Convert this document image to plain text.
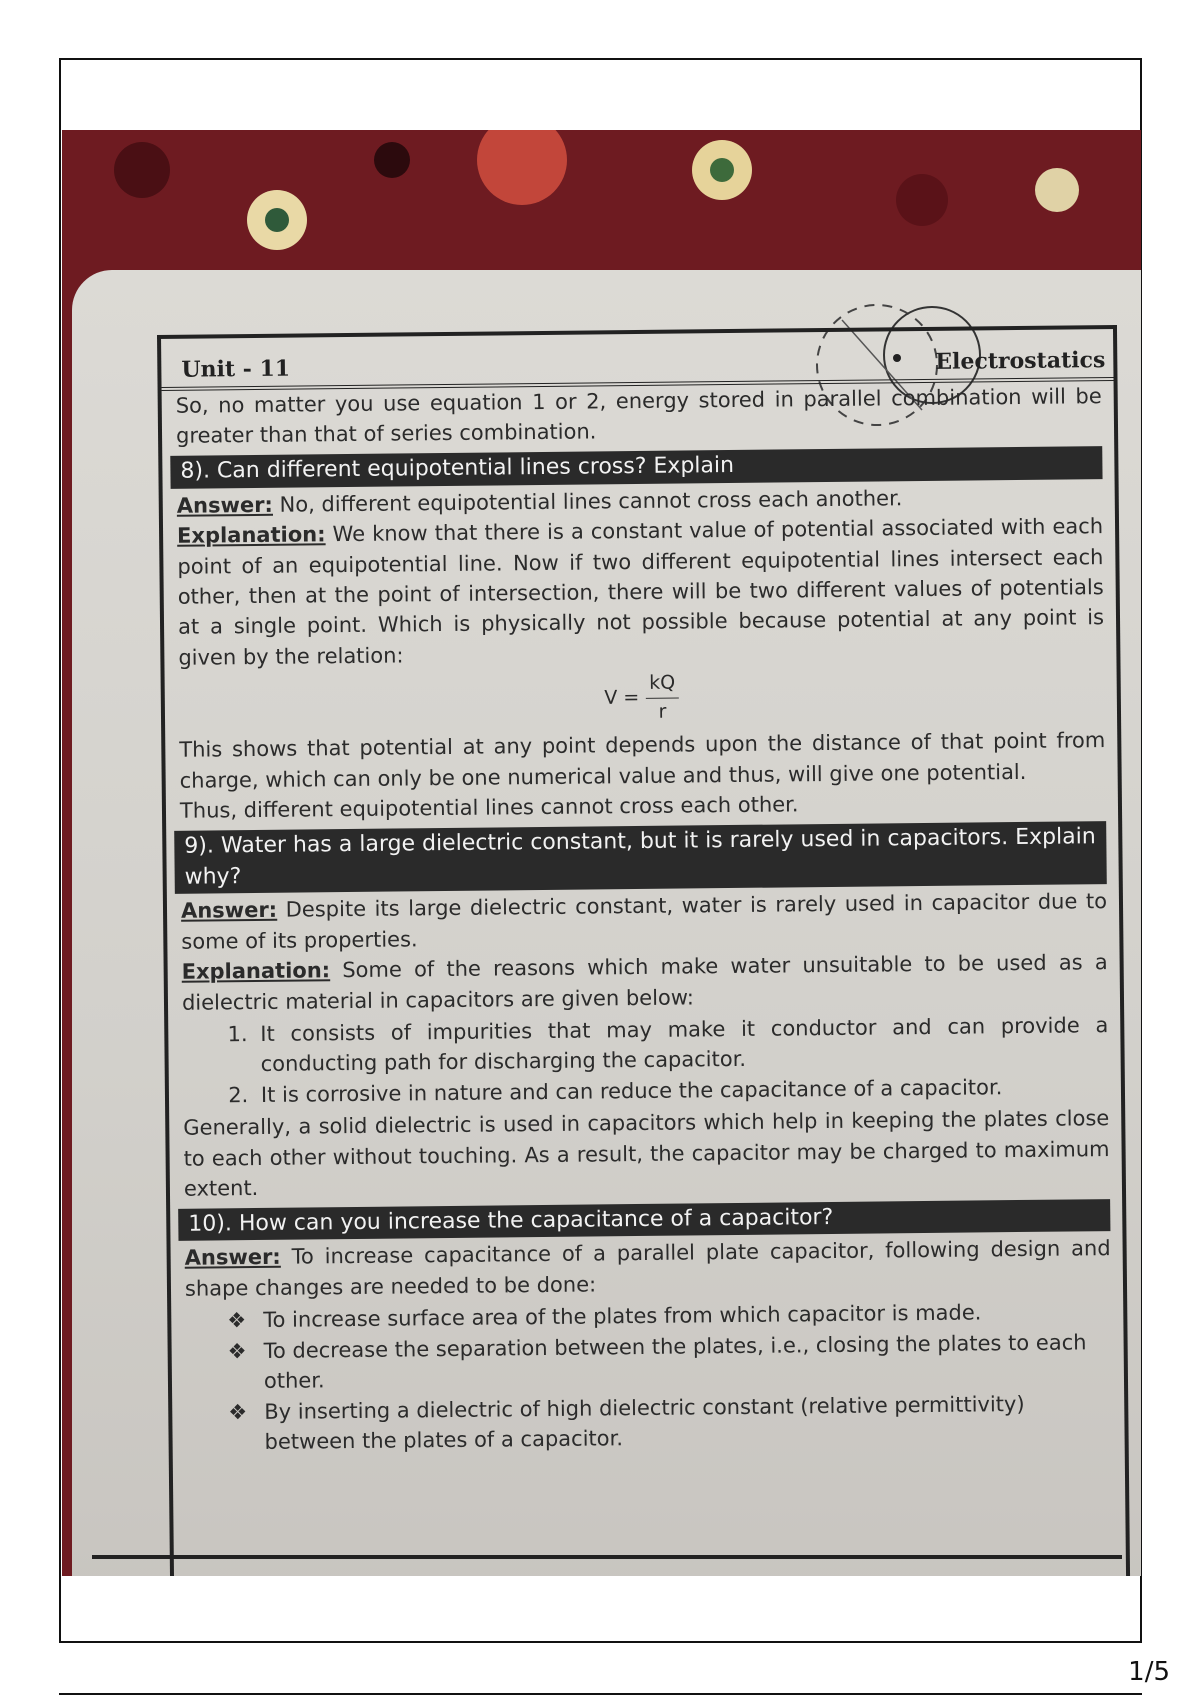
Unit - 11	Electrostatics

So, no matter you use equation 1 or 2, energy stored in parallel combination will be greater than that of series combination.

8). Can different equipotential lines cross? Explain

Answer: No, different equipotential lines cannot cross each another.

Explanation: We know that there is a constant value of potential associated with each point of an equipotential line. Now if two different equipotential lines intersect each other, then at the point of intersection, there will be two different values of potentials at a single point. Which is physically not possible because potential at any point is given by the relation:

$V = \frac{kQ}{r}$

This shows that potential at any point depends upon the distance of that point from charge, which can only be one numerical value and thus, will give one potential.

Thus, different equipotential lines cannot cross each other.

9). Water has a large dielectric constant, but it is rarely used in capacitors. Explain why?

Answer: Despite its large dielectric constant, water is rarely used in capacitor due to some of its properties.

Explanation: Some of the reasons which make water unsuitable to be used as a dielectric material in capacitors are given below:

1. It consists of impurities that may make it conductor and can provide a conducting path for discharging the capacitor.
2. It is corrosive in nature and can reduce the capacitance of a capacitor.

Generally, a solid dielectric is used in capacitors which help in keeping the plates close to each other without touching. As a result, the capacitor may be charged to maximum extent.

10). How can you increase the capacitance of a capacitor?

Answer: To increase capacitance of a parallel plate capacitor, following design and shape changes are needed to be done:

❖ To increase surface area of the plates from which capacitor is made.
❖ To decrease the separation between the plates, i.e., closing the plates to each other.
❖ By inserting a dielectric of high dielectric constant (relative permittivity) between the plates of a capacitor.
1/5
